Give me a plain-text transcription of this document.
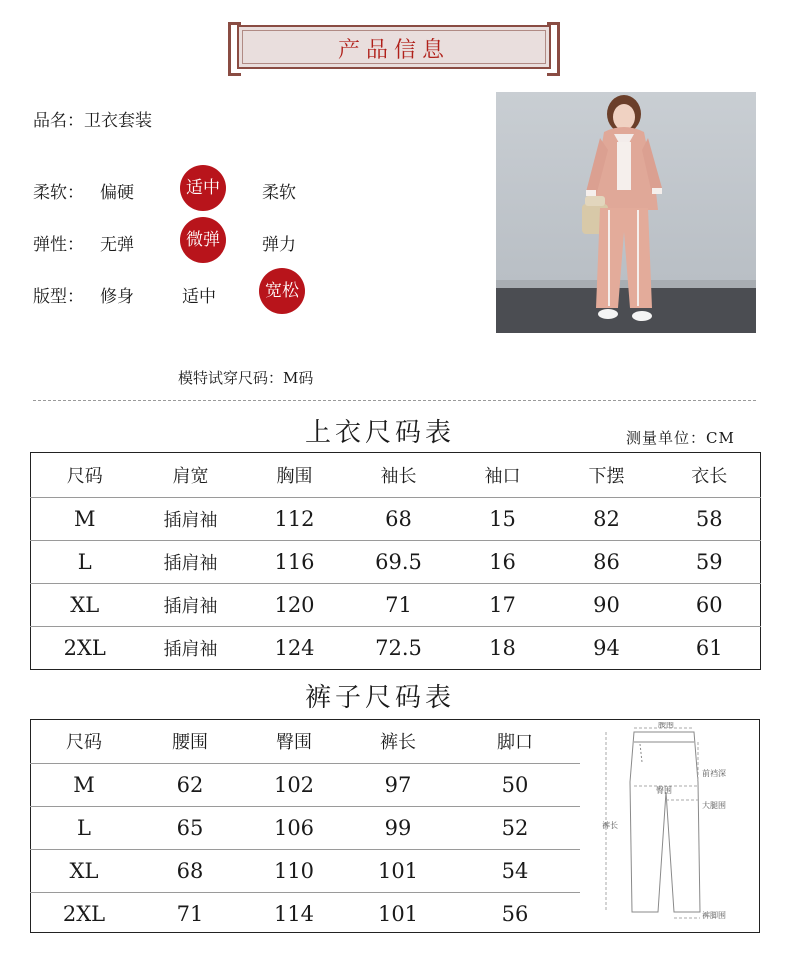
产品信息
品名：卫衣套装
柔软： 偏硬	适中	柔软
弹性： 无弹	微弹	弹力
版型： 修身	适中	宽松
模特试穿尺码：M码
上衣尺码表	测量单位：CM
尺码	肩宽	胸围	袖长	袖口	下摆	衣长
M	插肩袖	112	68	15	82	58
L	插肩袖	116	69.5	16	86	59
XL	插肩袖	120	71	17	90	60
2XL	插肩袖	124	72.5	18	94	61
裤子尺码表
尺码	腰围	臀围	裤长	脚口
M	62	102	97	50
L	65	106	99	52
XL	68	110	101	54
2XL	71	114	101	56
腰围
前裆深
臀围
大腿围
裤长
裤脚围
